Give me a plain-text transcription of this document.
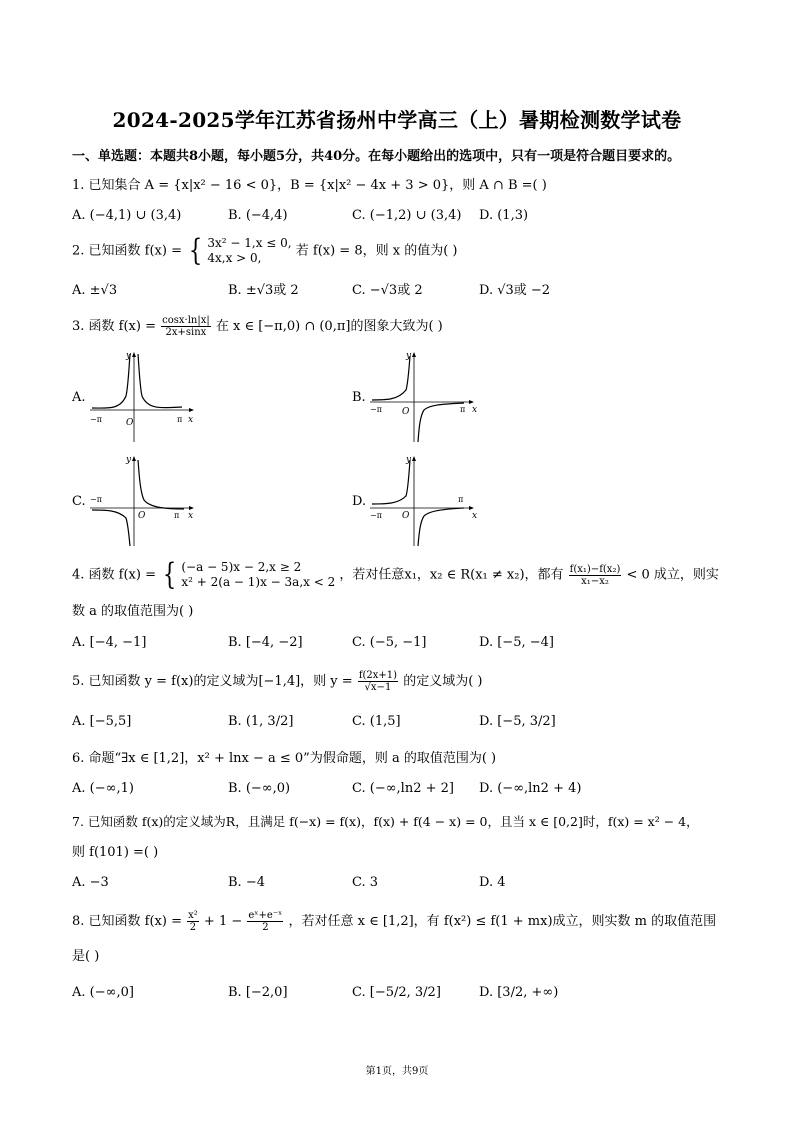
2024-2025学年江苏省扬州中学高三（上）暑期检测数学试卷
一、单选题：本题共8小题，每小题5分，共40分。在每小题给出的选项中，只有一项是符合题目要求的。
1. 已知集合 A = {x|x² − 16 < 0}，B = {x|x² − 4x + 3 > 0}，则 A ∩ B =( )
A. (−4,1) ∪ (3,4)	B. (−4,4)	C. (−1,2) ∪ (3,4) D. (1,3)
2. 已知函数 f(x) = { 3x² − 1,x ≤ 0,
4x,x > 0,	若 f(x) = 8，则 x 的值为( )
A. ±√3	B. ±√3或 2	C. −√3或 2	D. √3或 −2
3. 函数 $f(x) = \frac{\cos x\cdot\ln|x|}{2x+\sin x}$ 在 x ∈ [−π,0) ∩ (0,π]的图象大致为( )
A.	B.
C.	D.
y
x
O
−π	π
y
x
O
−π	π
y
x
O
−π
π
y
x
O
−π
π
4. 函数 f(x) = { (−a − 5)x − 2,x ≥ 2
x² + 2(a − 1)x − 3a,x < 2 ，若对任意x₁，x₂ ∈ R(x₁ ≠ x₂)，都有 $\frac{\text{f(x₁)−f(x₂)}}{\text{x₁−x₂}} < 0$ 成立，则实
数 a 的取值范围为( )
A. [−4, −1]	B. [−4, −2]	C. (−5, −1]	D. [−5, −4]
5. 已知函数 y = f(x)的定义域为[−1,4]，则 $y = \frac{f(2x+1)}{√x-1}$ 的定义域为( )
A. [−5,5]	B. (1, 3/2]	C. (1,5]	D. [−5, 3/2]
6. 命题“∃x ∈ [1,2]，x² + lnx − a ≤ 0”为假命题，则 a 的取值范围为( )
A. (−∞,1)	B. (−∞,0)	C. (−∞,ln2 + 2] D. (−∞,ln2 + 4)
7. 已知函数 f(x)的定义域为R，且满足 f(−x) = f(x)，f(x) + f(4 − x) = 0，且当 x ∈ [0,2]时，f(x) = x² − 4，
则 f(101) =( )
A. −3	B. −4	C. 3	D. 4
8. 已知函数 $f(x) = \frac{\text{x²}}{2} + 1 - \frac{\text{eˣ+e⁻ˣ}}{2}$ ，若对任意 x ∈ [1,2]，有 f(x²) ≤ f(1 + mx)成立，则实数 m 的取值范围
是( )
A. (−∞,0]	B. [−2,0]	C. [−5/2, 3/2]	D. [3/2, +∞)
第1页，共9页
